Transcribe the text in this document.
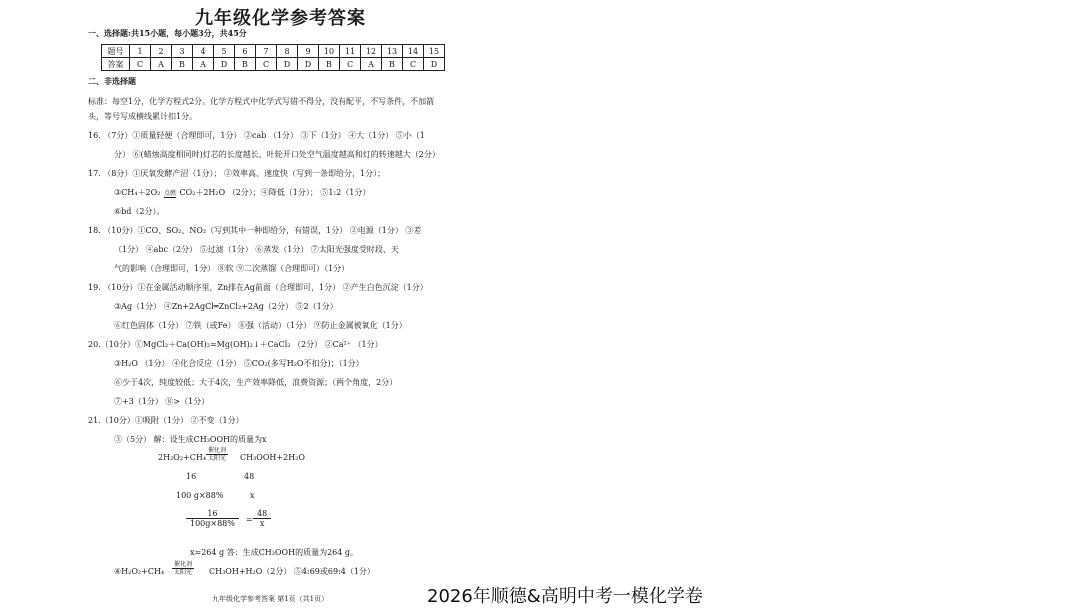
九年级化学参考答案
一、选择题:共15小题，每小题3分，共45分
题号	1	2	3	4	5	6	7	8	9	10	11	12	13	14	15
答案	C	A	B	A	D	B	C	D	D	B	C	A	B	C	D
二、非选择题
标准：每空1分，化学方程式2分。化学方程式中化学式写错不得分，没有配平，不写条件，不加箭
头，等号写成横线累计扣1分。
16. （7分）①质量轻便（合理即可，1分） ②cab （1分） ③下（1分） ④大（1分） ⑤小（1
分） ⑥(蜡烛高度相同时)灯芯的长度越长，叶轮开口处空气温度越高和灯的转速越大（2分）
17. （8分）①厌氧发酵产沼（1分）； ②效率高、速度快（写到一条即给分，1分）；
③CH₄＋2O₂ 点燃 CO₂＋2H₂O （2分）；④降低（1分）； ⑤1:2（1分）
⑥bd（2分）。
18. （10分）①CO、SO₂、NO₂（写到其中一种即给分，有错误，1分） ②电源（1分） ③差
（1分） ④abc（2分） ⑤过滤（1分） ⑥蒸发（1分） ⑦太阳光强度受时段、天
气的影响（合理即可，1分） ⑧软 ⑨二次蒸馏（合理即可）（1分）
19. （10分）①在金属活动顺序里，Zn排在Ag前面（合理即可，1分） ②产生白色沉淀（1分）
③Ag（1分） ④Zn+2AgCl═ZnCl₂+2Ag（2分） ⑤2（1分）
⑥红色固体（1分） ⑦铁（或Fe） ⑧强（活动）（1分） ⑨防止金属被氧化（1分）
20.（10分）①MgCl₂＋Ca(OH)₂=Mg(OH)₂↓＋CaCl₂ （2分） ②Ca²⁺ （1分）
③H₂O （1分） ④化合反应（1分） ⑤CO₂(多写H₂O不扣分)；（1分）
⑥少于4次，纯度较低；大于4次，生产效率降低，浪费资源；（两个角度，2分）
⑦+3（1分） ⑧>（1分）
21.（10分）①吸附（1分） ②不变（1分）
③（5分） 解：设生成CH₃OOH的质量为x
2H₂O₂+CH₄
催化剂
太阳光 CH₃OOH+2H₂O
16	48
100 g×88%	x
$\frac{16}{100g\times 88\%} = \frac{48}{x}$
x=264 g 答：生成CH₃OOH的质量为264 g。
④H₂O₂+CH₄
催化剂
太阳光 CH₃OH+H₂O（2分） ⑤4:69或69:4（1分）
九年级化学参考答案 第1页（共1页）	2026年顺德&高明中考一模化学卷
